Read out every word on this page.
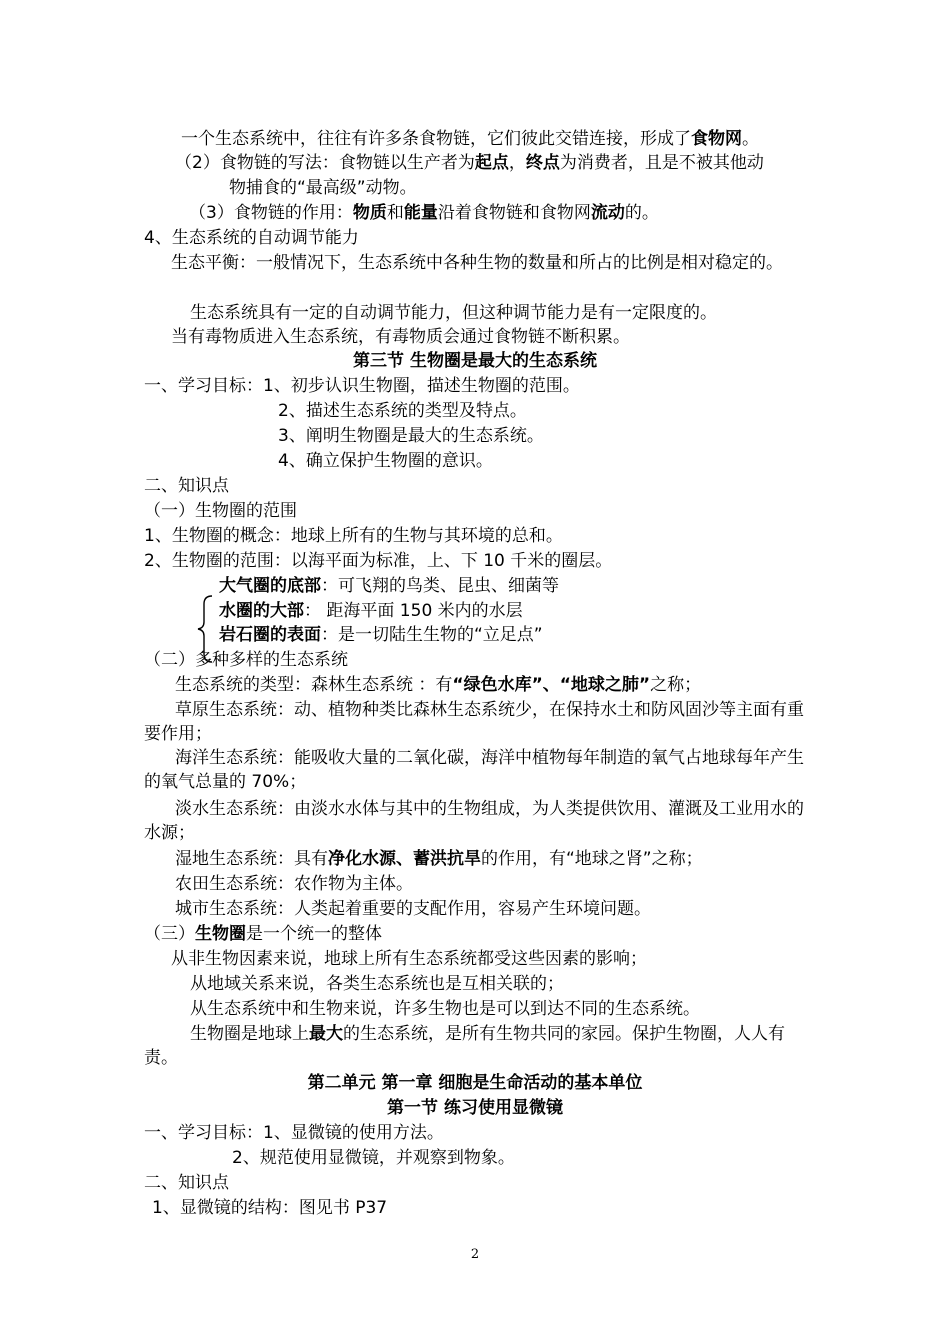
一个生态系统中，往往有许多条食物链，它们彼此交错连接，形成了食物网。
（2）食物链的写法：食物链以生产者为起点，终点为消费者，且是不被其他动
物捕食的“最高级”动物。
（3）食物链的作用：物质和能量沿着食物链和食物网流动的。
4、生态系统的自动调节能力
生态平衡：一般情况下，生态系统中各种生物的数量和所占的比例是相对稳定的。
生态系统具有一定的自动调节能力，但这种调节能力是有一定限度的。
当有毒物质进入生态系统，有毒物质会通过食物链不断积累。
第三节 生物圈是最大的生态系统
一、学习目标：1、初步认识生物圈，描述生物圈的范围。
2、描述生态系统的类型及特点。
3、阐明生物圈是最大的生态系统。
4、确立保护生物圈的意识。
二、知识点
（一）生物圈的范围
1、生物圈的概念：地球上所有的生物与其环境的总和。
2、生物圈的范围：以海平面为标准，上、下 10 千米的圈层。
大气圈的底部：可飞翔的鸟类、昆虫、细菌等
水圈的大部： 距海平面 150 米内的水层
岩石圈的表面：是一切陆生生物的“立足点”
（二）多种多样的生态系统
生态系统的类型：森林生态系统 ：有“绿色水库”、“地球之肺”之称；
草原生态系统：动、植物种类比森林生态系统少，在保持水土和防风固沙等主面有重要作用；
海洋生态系统：能吸收大量的二氧化碳，海洋中植物每年制造的氧气占地球每年产生的氧气总量的 70%；
淡水生态系统：由淡水水体与其中的生物组成，为人类提供饮用、灌溉及工业用水的水源；
湿地生态系统：具有净化水源、蓄洪抗旱的作用，有“地球之肾”之称；
农田生态系统：农作物为主体。
城市生态系统：人类起着重要的支配作用，容易产生环境问题。
（三）生物圈是一个统一的整体
从非生物因素来说，地球上所有生态系统都受这些因素的影响；
从地域关系来说，各类生态系统也是互相关联的；
从生态系统中和生物来说，许多生物也是可以到达不同的生态系统。
生物圈是地球上最大的生态系统，是所有生物共同的家园。保护生物圈，人人有责。
第二单元 第一章 细胞是生命活动的基本单位
第一节 练习使用显微镜
一、学习目标：1、显微镜的使用方法。
2、规范使用显微镜，并观察到物象。
二、知识点
1、显微镜的结构：图见书 P37
2
